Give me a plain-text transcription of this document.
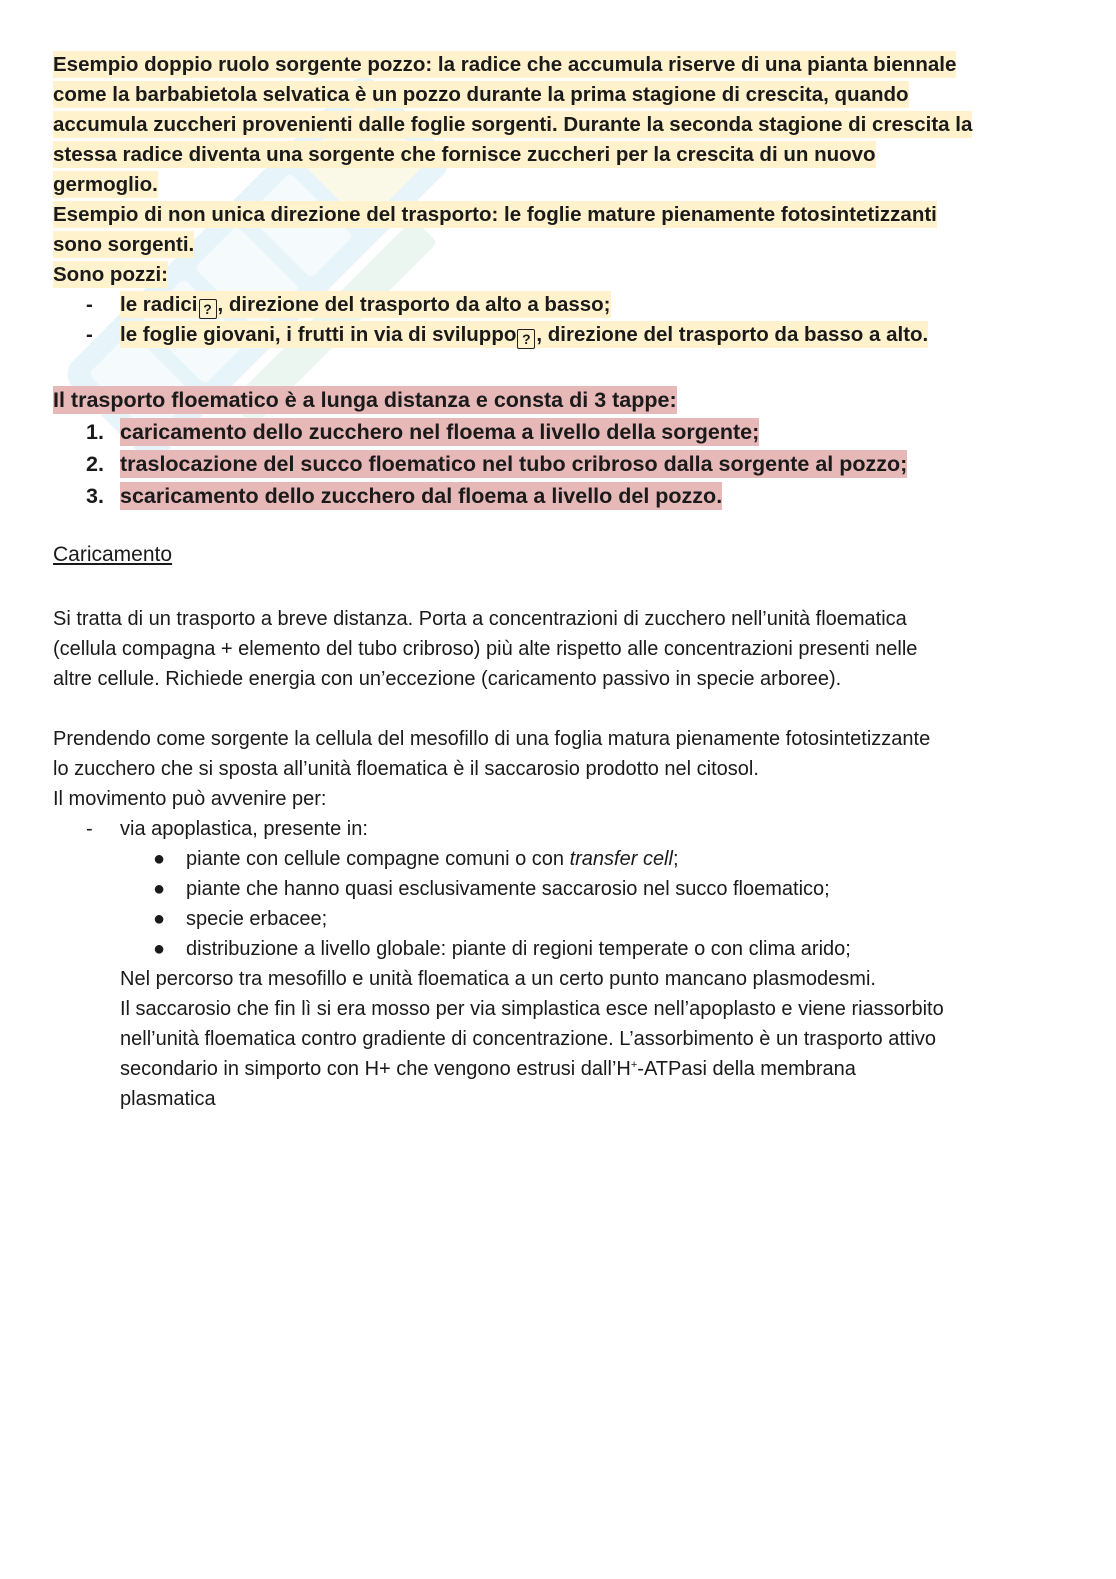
Esempio doppio ruolo sorgente pozzo: la radice che accumula riserve di una pianta biennale
come la barbabietola selvatica è un pozzo durante la prima stagione di crescita, quando
accumula zuccheri provenienti dalle foglie sorgenti. Durante la seconda stagione di crescita la
stessa radice diventa una sorgente che fornisce zuccheri per la crescita di un nuovo
germoglio.
Esempio di non unica direzione del trasporto: le foglie mature pienamente fotosintetizzanti
sono sorgenti.
Sono pozzi:
- le radici ? , direzione del trasporto da alto a basso;
- le foglie giovani, i frutti in via di sviluppo ? , direzione del trasporto da basso a alto.
Il trasporto floematico è a lunga distanza e consta di 3 tappe:
1. caricamento dello zucchero nel floema a livello della sorgente;
2. traslocazione del succo floematico nel tubo cribroso dalla sorgente al pozzo;
3. scaricamento dello zucchero dal floema a livello del pozzo.
Caricamento
Si tratta di un trasporto a breve distanza. Porta a concentrazioni di zucchero nell’unità floematica
(cellula compagna + elemento del tubo cribroso) più alte rispetto alle concentrazioni presenti nelle
altre cellule. Richiede energia con un’eccezione (caricamento passivo in specie arboree).
Prendendo come sorgente la cellula del mesofillo di una foglia matura pienamente fotosintetizzante
lo zucchero che si sposta all’unità floematica è il saccarosio prodotto nel citosol.
Il movimento può avvenire per:
- via apoplastica, presente in:
● piante con cellule compagne comuni o con transfer cell;
● piante che hanno quasi esclusivamente saccarosio nel succo floematico;
● specie erbacee;
● distribuzione a livello globale: piante di regioni temperate o con clima arido;
Nel percorso tra mesofillo e unità floematica a un certo punto mancano plasmodesmi.
Il saccarosio che fin lì si era mosso per via simplastica esce nell’apoplasto e viene riassorbito
nell’unità floematica contro gradiente di concentrazione. L’assorbimento è un trasporto attivo
secondario in simporto con H+ che vengono estrusi dall’H+-ATPasi della membrana
plasmatica
